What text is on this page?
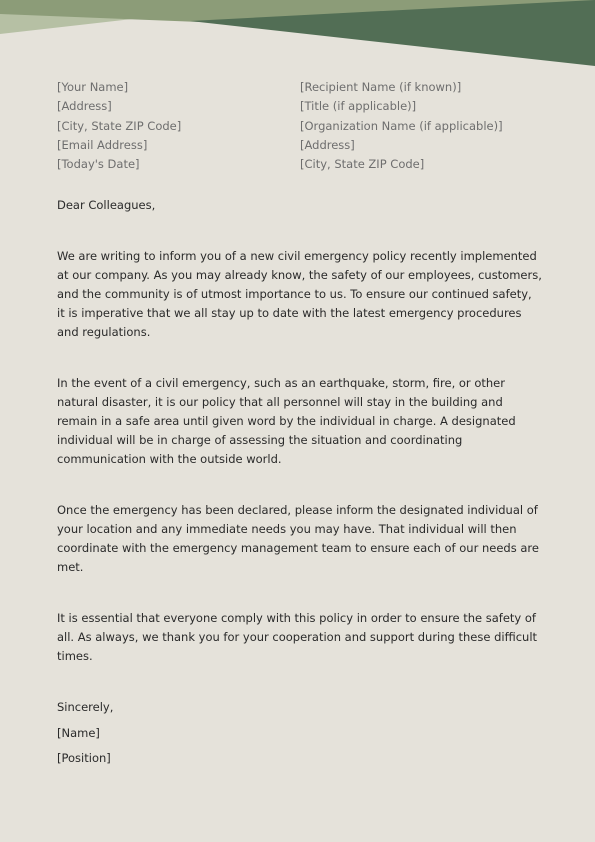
[Your Name]
[Address]
[City, State ZIP Code]
[Email Address]
[Today's Date]
[Recipient Name (if known)]
[Title (if applicable)]
[Organization Name (if applicable)]
[Address]
[City, State ZIP Code]
Dear Colleagues,
We are writing to inform you of a new civil emergency policy recently implemented at our company. As you may already know, the safety of our employees, customers, and the community is of utmost importance to us. To ensure our continued safety, it is imperative that we all stay up to date with the latest emergency procedures and regulations.
In the event of a civil emergency, such as an earthquake, storm, fire, or other natural disaster, it is our policy that all personnel will stay in the building and remain in a safe area until given word by the individual in charge. A designated individual will be in charge of assessing the situation and coordinating communication with the outside world.
Once the emergency has been declared, please inform the designated individual of your location and any immediate needs you may have. That individual will then coordinate with the emergency management team to ensure each of our needs are met.
It is essential that everyone comply with this policy in order to ensure the safety of all. As always, we thank you for your cooperation and support during these difficult times.
Sincerely,
[Name]
[Position]
